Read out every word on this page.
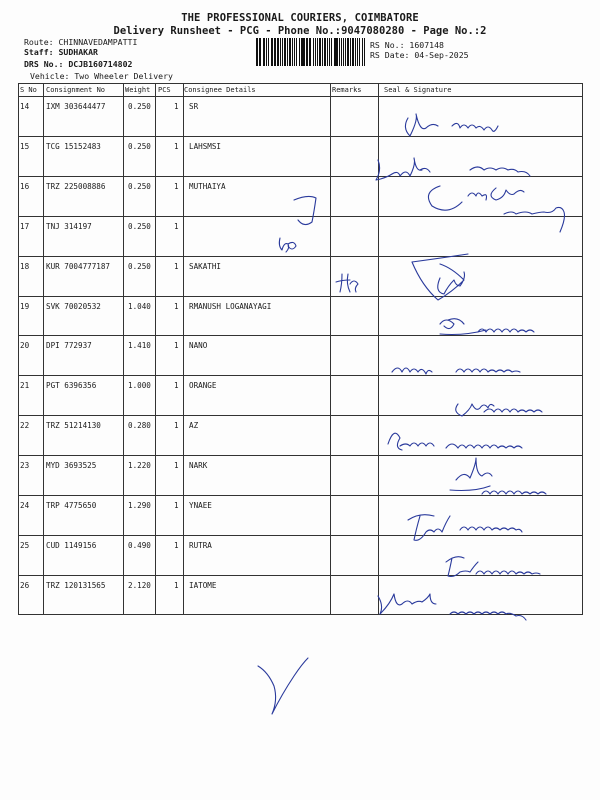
THE PROFESSIONAL COURIERS, COIMBATORE
Delivery Runsheet - PCG - Phone No.:9047080280 - Page No.:2
Route: CHINNAVEDAMPATTI
Staff: SUDHAKAR
DRS No.: DCJB160714802
Vehicle: Two Wheeler Delivery
RS No.: 1607148
RS Date: 04-Sep-2025
S No Consignment No	Weight PCS Consignee Details	Remarks	Seal & Signature
14 IXM 303644477	0.250	1 SR
15 TCG 15152483	0.250	1 LAHSMSI
16 TRZ 225008886	0.250	1 MUTHAIYA
17 TNJ 314197	0.250	1
18 KUR 7004777187 0.250	1 SAKATHI
19 SVK 70020532	1.040	1 RMANUSH LOGANAYAGI
20 DPI 772937	1.410	1 NANO
21 PGT 6396356	1.000	1 ORANGE
22 TRZ 51214130	0.280	1 AZ
23 MYD 3693525	1.220	1 NARK
24 TRP 4775650	1.290	1 YNAEE
25 CUD 1149156	0.490	1 RUTRA
26 TRZ 120131565	2.120	1 IATOME
